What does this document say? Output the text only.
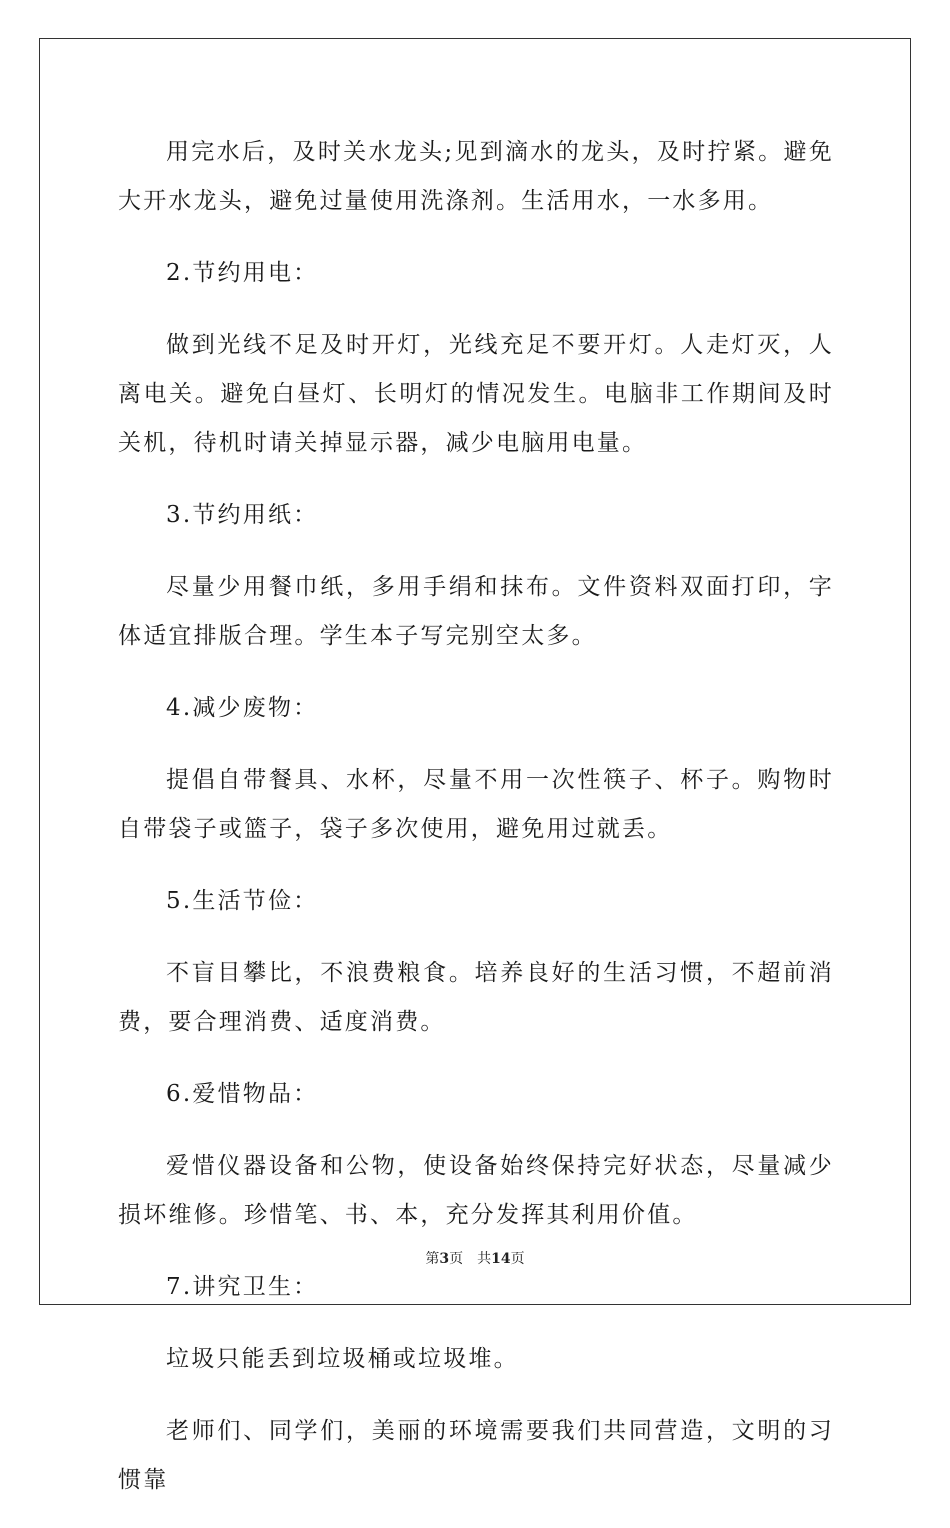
用完水后，及时关水龙头;见到滴水的龙头，及时拧紧。避免大开水龙头，避免过量使用洗涤剂。生活用水，一水多用。

2.节约用电：

做到光线不足及时开灯，光线充足不要开灯。人走灯灭，人离电关。避免白昼灯、长明灯的情况发生。电脑非工作期间及时关机，待机时请关掉显示器，减少电脑用电量。

3.节约用纸：

尽量少用餐巾纸，多用手绢和抹布。文件资料双面打印，字体适宜排版合理。学生本子写完别空太多。

4.减少废物：

提倡自带餐具、水杯，尽量不用一次性筷子、杯子。购物时自带袋子或篮子，袋子多次使用，避免用过就丢。

5.生活节俭：

不盲目攀比，不浪费粮食。培养良好的生活习惯，不超前消费，要合理消费、适度消费。

6.爱惜物品：

爱惜仪器设备和公物，使设备始终保持完好状态，尽量减少损坏维修。珍惜笔、书、本，充分发挥其利用价值。

7.讲究卫生：

垃圾只能丢到垃圾桶或垃圾堆。

老师们、同学们，美丽的环境需要我们共同营造，文明的习惯靠

第3页 共14页
